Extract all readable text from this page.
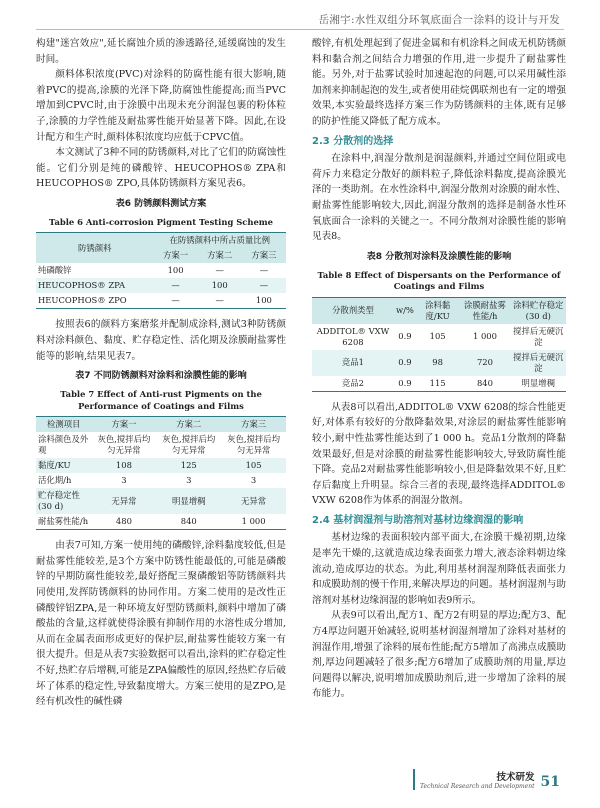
岳湘宇:水性双组分环氧底面合一涂料的设计与开发

构建"迷宫效应",延长腐蚀介质的渗透路径,延缓腐蚀的发生时间。

颜料体积浓度(PVC)对涂料的防腐性能有很大影响,随着PVC的提高,涂膜的光泽下降,防腐蚀性能提高;而当PVC增加到CPVC时,由于涂膜中出现未充分润湿包裹的粉体粒子,涂膜的力学性能及耐盐雾性能开始显著下降。因此,在设计配方和生产时,颜料体积浓度均应低于CPVC值。

本文测试了3种不同的防锈颜料,对比了它们的防腐蚀性能。它们分别是纯的磷酸锌、HEUCOPHOS® ZPA和HEUCOPHOS® ZPO,具体防锈颜料方案见表6。

表6 防锈颜料测试方案
Table 6 Anti-corrosion Pigment Testing Scheme
防锈颜料	在防锈颜料中所占质量比例		
	方案一	方案二	方案三
纯磷酸锌	100	—	—
HEUCOPHOS® ZPA	—	100	—
HEUCOPHOS® ZPO	—	—	100

按照表6的颜料方案磨浆并配制成涂料,测试3种防锈颜料对涂料颜色、黏度、贮存稳定性、活化期及涂膜耐盐雾性能等的影响,结果见表7。

表7 不同防锈颜料对涂料和涂膜性能的影响
Table 7 Effect of Anti-rust Pigments on the Performance of Coatings and Films
检测项目	方案一	方案二	方案三
涂料颜色及外观	灰色,搅拌后均匀无异常	灰色,搅拌后均匀无异常	灰色,搅拌后均匀无异常
黏度/KU	108	125	105
活化期/h	3	3	3
贮存稳定性(30 d)	无异常	明显增稠	无异常
耐盐雾性能/h	480	840	1 000

由表7可知,方案一使用纯的磷酸锌,涂料黏度较低,但是耐盐雾性能较差,是3个方案中防锈性能最低的,可能是磷酸锌的早期防腐性能较差,最好搭配三聚磷酸铝等防锈颜料共同使用,发挥防锈颜料的协同作用。方案二使用的是改性正磷酸锌铝ZPA,是一种环境友好型防锈颜料,颜料中增加了磷酸盐的含量,这样就使得涂膜有抑制作用的水溶性成分增加,从而在金属表面形成更好的保护层,耐盐雾性能较方案一有很大提升。但是从表7实验数据可以看出,涂料的贮存稳定性不好,热贮存后增稠,可能是ZPA偏酸性的原因,经热贮存后破坏了体系的稳定性,导致黏度增大。方案三使用的是ZPO,是经有机改性的碱性磷

酸锌,有机处理起到了促进金属和有机涂料之间成无机防锈颜料和黏合剂之间结合力增强的作用,进一步提升了耐盐雾性能。另外,对于盐雾试验时加速起泡的问题,可以采用碱性添加剂来抑制起泡的发生,或者使用硅烷偶联剂也有一定的增强效果,本实验最终选择方案三作为防锈颜料的主体,既有足够的防护性能又降低了配方成本。

2.3 分散剂的选择

在涂料中,润湿分散剂是润湿颜料,并通过空间位阻或电荷斥力来稳定分散好的颜料粒子,降低涂料黏度,提高涂膜光泽的一类助剂。在水性涂料中,润湿分散剂对涂膜的耐水性、耐盐雾性能影响较大,因此,润湿分散剂的选择是制备水性环氧底面合一涂料的关键之一。不同分散剂对涂膜性能的影响见表8。

表8 分散剂对涂料及涂膜性能的影响
Table 8 Effect of Dispersants on the Performance of Coatings and Films
分散剂类型	w/%	涂料黏度/KU	涂膜耐盐雾性能/h	涂料贮存稳定(30 d)
ADDITOL® VXW 6208	0.9	105	1 000	搅拌后无硬沉淀
竞品1	0.9	98	720	搅拌后无硬沉淀
竞品2	0.9	115	840	明显增稠

从表8可以看出,ADDITOL® VXW 6208的综合性能更好,对体系有较好的分散降黏效果,对涂层的耐盐雾性能影响较小,耐中性盐雾性能达到了1 000 h。竞品1分散剂的降黏效果最好,但是对涂膜的耐盐雾性能影响较大,导致防腐性能下降。竞品2对耐盐雾性能影响较小,但是降黏效果不好,且贮存后黏度上升明显。综合三者的表现,最终选择ADDITOL® VXW 6208作为体系的润湿分散剂。

2.4 基材润湿剂与助溶剂对基材边缘润湿的影响

基材边缘的表面积较内部平面大,在涂膜干燥初期,边缘是率先干燥的,这就造成边缘表面张力增大,液态涂料朝边缘流动,造成厚边的状态。为此,利用基材润湿剂降低表面张力和成膜助剂的慢干作用,来解决厚边的问题。基材润湿剂与助溶剂对基材边缘润湿的影响如表9所示。

从表9可以看出,配方1、配方2有明显的厚边;配方3、配方4厚边问题开始减轻,说明基材润湿剂增加了涂料对基材的润湿作用,增强了涂料的展布性能;配方5增加了高沸点成膜助剂,厚边问题减轻了很多;配方6增加了成膜助剂的用量,厚边问题得以解决,说明增加成膜助剂后,进一步增加了涂料的展布能力。

技术研发
Technical Research and Development 51
